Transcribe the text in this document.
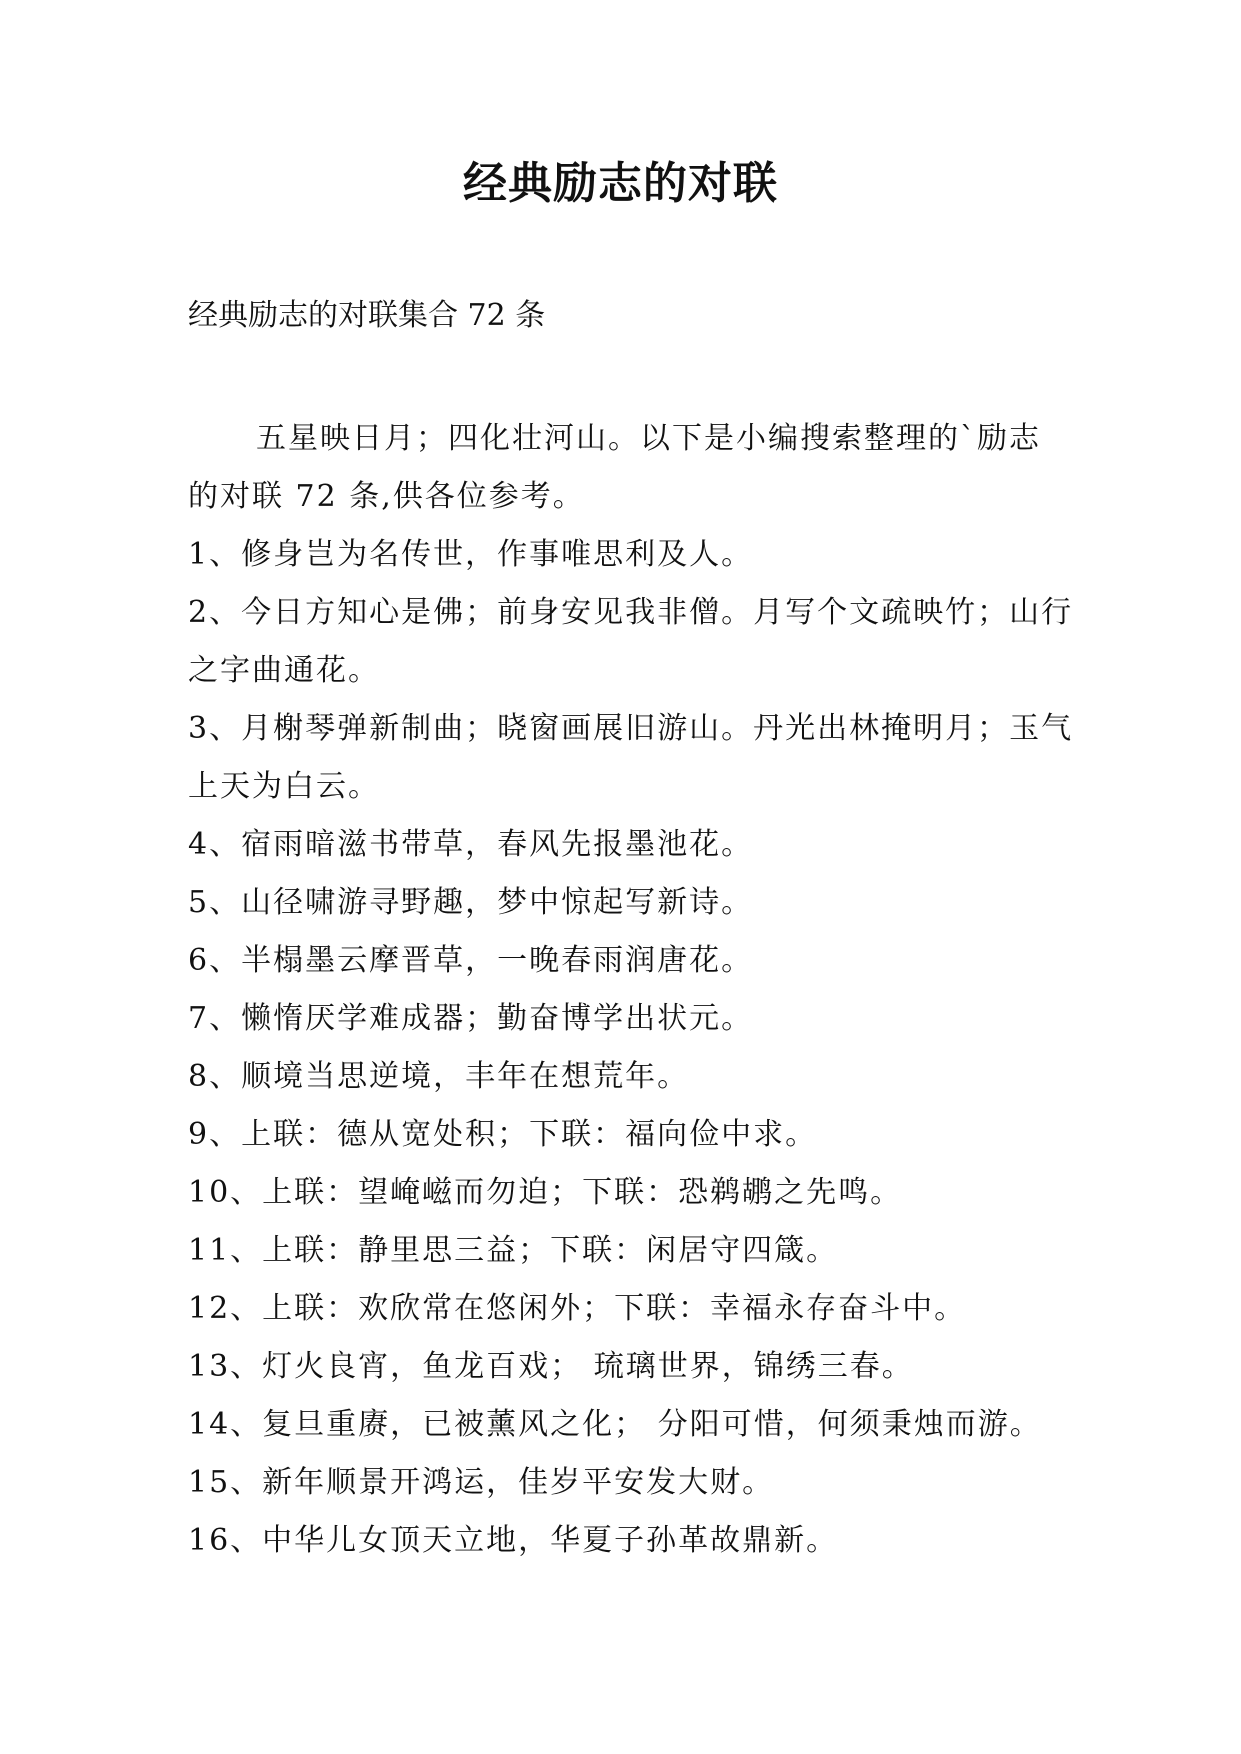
经典励志的对联

经典励志的对联集合 72 条

五星映日月；四化壮河山。以下是小编搜索整理的`励志的对联 72 条,供各位参考。

1、修身岂为名传世，作事唯思利及人。
2、今日方知心是佛；前身安见我非僧。月写个文疏映竹；山行之字曲通花。
3、月榭琴弹新制曲；晓窗画展旧游山。丹光出林掩明月；玉气上天为白云。
4、宿雨暗滋书带草，春风先报墨池花。
5、山径啸游寻野趣，梦中惊起写新诗。
6、半榻墨云摩晋草，一晚春雨润唐花。
7、懒惰厌学难成器；勤奋博学出状元。
8、顺境当思逆境，丰年在想荒年。
9、上联：德从宽处积；下联：福向俭中求。
10、上联：望崦嵫而勿迫；下联：恐鹈鹕之先鸣。
11、上联：静里思三益；下联：闲居守四箴。
12、上联：欢欣常在悠闲外；下联：幸福永存奋斗中。
13、灯火良宵，鱼龙百戏； 琉璃世界，锦绣三春。
14、复旦重赓，已被薰风之化； 分阳可惜，何须秉烛而游。
15、新年顺景开鸿运，佳岁平安发大财。
16、中华儿女顶天立地，华夏子孙革故鼎新。
